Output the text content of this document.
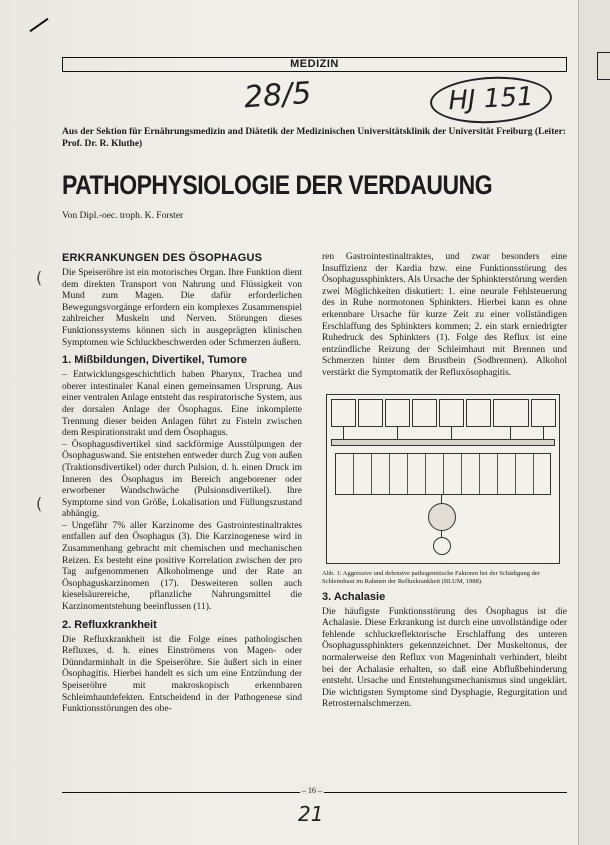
(
(
MEDIZIN
28/5	HJ 151
Aus der Sektion für Ernährungsmedizin and Diätetik der Medizinischen Universitätsklinik der Universität Freiburg (Leiter: Prof. Dr. R. Kluthe)
PATHOPHYSIOLOGIE DER VERDAUUNG
Von Dipl.-oec. troph. K. Forster
ERKRANKUNGEN DES ÖSOPHAGUS

Die Speiseröhre ist ein motorisches Organ. Ihre Funktion dient dem direkten Transport von Nahrung und Flüssigkeit von Mund zum Magen. Die dafür erforderlichen Bewegungsvorgänge erfordern ein komplexes Zusammenspiel zahlreicher Muskeln und Nerven. Störungen dieses Funktionssystems können sich in ausgeprägten klinischen Symptomen wie Schluckbeschwerden oder Schmerzen äußern.

1. Mißbildungen, Divertikel, Tumore

– Entwicklungsgeschichtlich haben Pharynx, Trachea und oberer intestinaler Kanal einen gemeinsamen Ursprung. Aus einer ventralen Anlage entsteht das respiratorische System, aus der dorsalen Anlage der Ösophagus. Eine inkomplette Trennung dieser beiden Anlagen führt zu Fisteln zwischen dem Respirationstrakt und dem Ösophagus.

– Ösophagusdivertikel sind sackförmige Ausstülpungen der Ösophaguswand. Sie entstehen entweder durch Zug von außen (Traktionsdivertikel) oder durch Pulsion, d. h. einen Druck im Inneren des Ösophagus im Bereich angeborener oder erworbener Wandschwäche (Pulsionsdivertikel). Ihre Symptome sind von Größe, Lokalisation und Füllungszustand abhängig.

– Ungefähr 7% aller Karzinome des Gastrointestinaltraktes entfallen auf den Ösophagus (3). Die Karzinogenese wird in Zusammenhang gebracht mit chemischen und mechanischen Reizen. Es besteht eine positive Korrelation zwischen der pro Tag aufgenommenen Alkoholmenge und der Rate an Ösophaguskarzinomen (17). Desweiteren sollen auch kieselsäurereiche, pflanzliche Nahrungsmittel die Karzinomentstehung beeinflussen (11).

2. Refluxkrankheit

Die Refluxkrankheit ist die Folge eines pathologischen Refluxes, d. h. eines Einströmens von Magen- oder Dünndarminhalt in die Speiseröhre. Sie äußert sich in einer Ösophagitis. Hierbei handelt es sich um eine Entzündung der Speiseröhre mit makroskopisch erkennbaren Schleimhautdefekten. Entscheidend in der Pathogenese sind Funktionsstörungen des obe-

ren Gastrointestinaltraktes, und zwar besonders eine Insuffizienz der Kardia bzw. eine Funktionsstörung des Ösophagussphinkters. Als Ursache der Sphinkterstörung werden zwei Möglichkeiten diskutiert: 1. eine neurale Fehlsteuerung des in Ruhe normotonen Sphinkters. Hierbei kann es ohne erkennbare Ursache für kurze Zeit zu einer vollständigen Erschlaffung des Sphinkters kommen; 2. ein stark erniedrigter Ruhedruck des Sphinkters (1). Folge des Reflux ist eine entzündliche Reizung der Schleimhaut mit Brennen und Schmerzen hinter dem Brustbein (Sodbrennen). Alkohol verstärkt die Symptomatik der Refluxösophagitis.

Abb. 1: Aggressive und defensive pathogenetische Faktoren bei der Schädigung der Schleimhaut im Rahmen der Refluxkrankheit (BLUM, 1988).

3. Achalasie

Die häufigste Funktionsstörung des Ösophagus ist die Achalasie. Diese Erkrankung ist durch eine unvollständige oder fehlende schluckreflektorische Erschlaffung des unteren Ösophagussphinkters gekennzeichnet. Der Muskeltonus, der normalerweise den Reflux von Mageninhalt verhindert, bleibt bei der Achalasie erhalten, so daß eine Abflußbehinderung entsteht. Ursache und Entstehungsmechanismus sind ungeklärt. Die wichtigsten Symptome sind Dysphagie, Regurgitation und Retrosternalschmerzen.

– 16 –
21
